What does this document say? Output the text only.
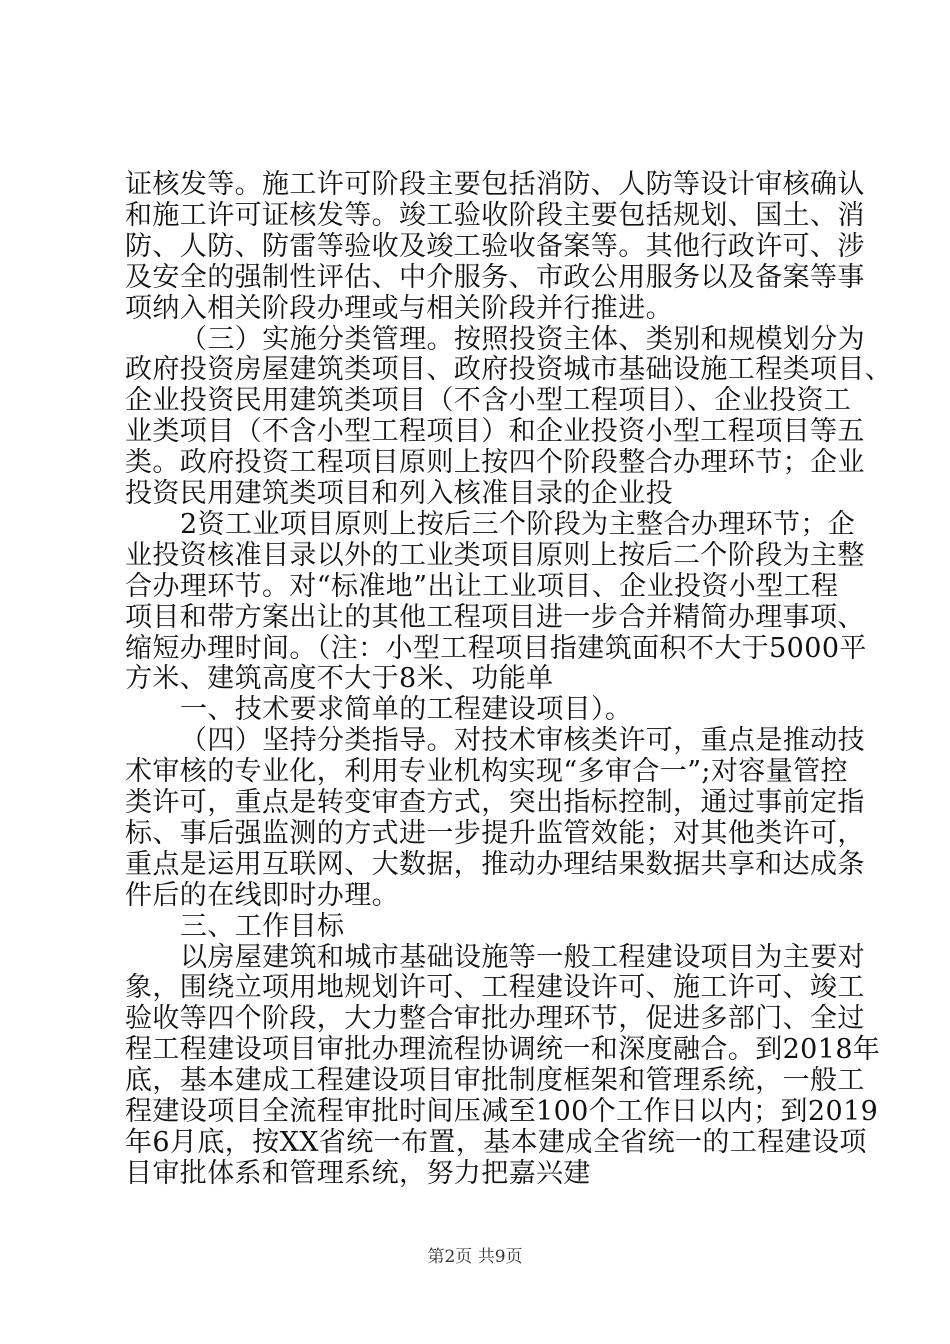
证核发等。施工许可阶段主要包括消防、人防等设计审核确认
和施工许可证核发等。竣工验收阶段主要包括规划、国土、消
防、人防、防雷等验收及竣工验收备案等。其他行政许可、涉
及安全的强制性评估、中介服务、市政公用服务以及备案等事
项纳入相关阶段办理或与相关阶段并行推进。
（三）实施分类管理。按照投资主体、类别和规模划分为
政府投资房屋建筑类项目、政府投资城市基础设施工程类项目、
企业投资民用建筑类项目（不含小型工程项目）、企业投资工
业类项目（不含小型工程项目）和企业投资小型工程项目等五
类。政府投资工程项目原则上按四个阶段整合办理环节；企业
投资民用建筑类项目和列入核准目录的企业投
2资工业项目原则上按后三个阶段为主整合办理环节；企
业投资核准目录以外的工业类项目原则上按后二个阶段为主整
合办理环节。对“标准地”出让工业项目、企业投资小型工程
项目和带方案出让的其他工程项目进一步合并精简办理事项、
缩短办理时间。（注：小型工程项目指建筑面积不大于5000平
方米、建筑高度不大于8米、功能单
一、技术要求简单的工程建设项目）。
（四）坚持分类指导。对技术审核类许可，重点是推动技
术审核的专业化，利用专业机构实现“多审合一”;对容量管控
类许可，重点是转变审查方式，突出指标控制，通过事前定指
标、事后强监测的方式进一步提升监管效能；对其他类许可，
重点是运用互联网、大数据，推动办理结果数据共享和达成条
件后的在线即时办理。
三、工作目标
以房屋建筑和城市基础设施等一般工程建设项目为主要对
象，围绕立项用地规划许可、工程建设许可、施工许可、竣工
验收等四个阶段，大力整合审批办理环节，促进多部门、全过
程工程建设项目审批办理流程协调统一和深度融合。到2018年
底，基本建成工程建设项目审批制度框架和管理系统，一般工
程建设项目全流程审批时间压减至100个工作日以内；到2019
年6月底，按XX省统一布置，基本建成全省统一的工程建设项
目审批体系和管理系统，努力把嘉兴建
第2页 共9页
